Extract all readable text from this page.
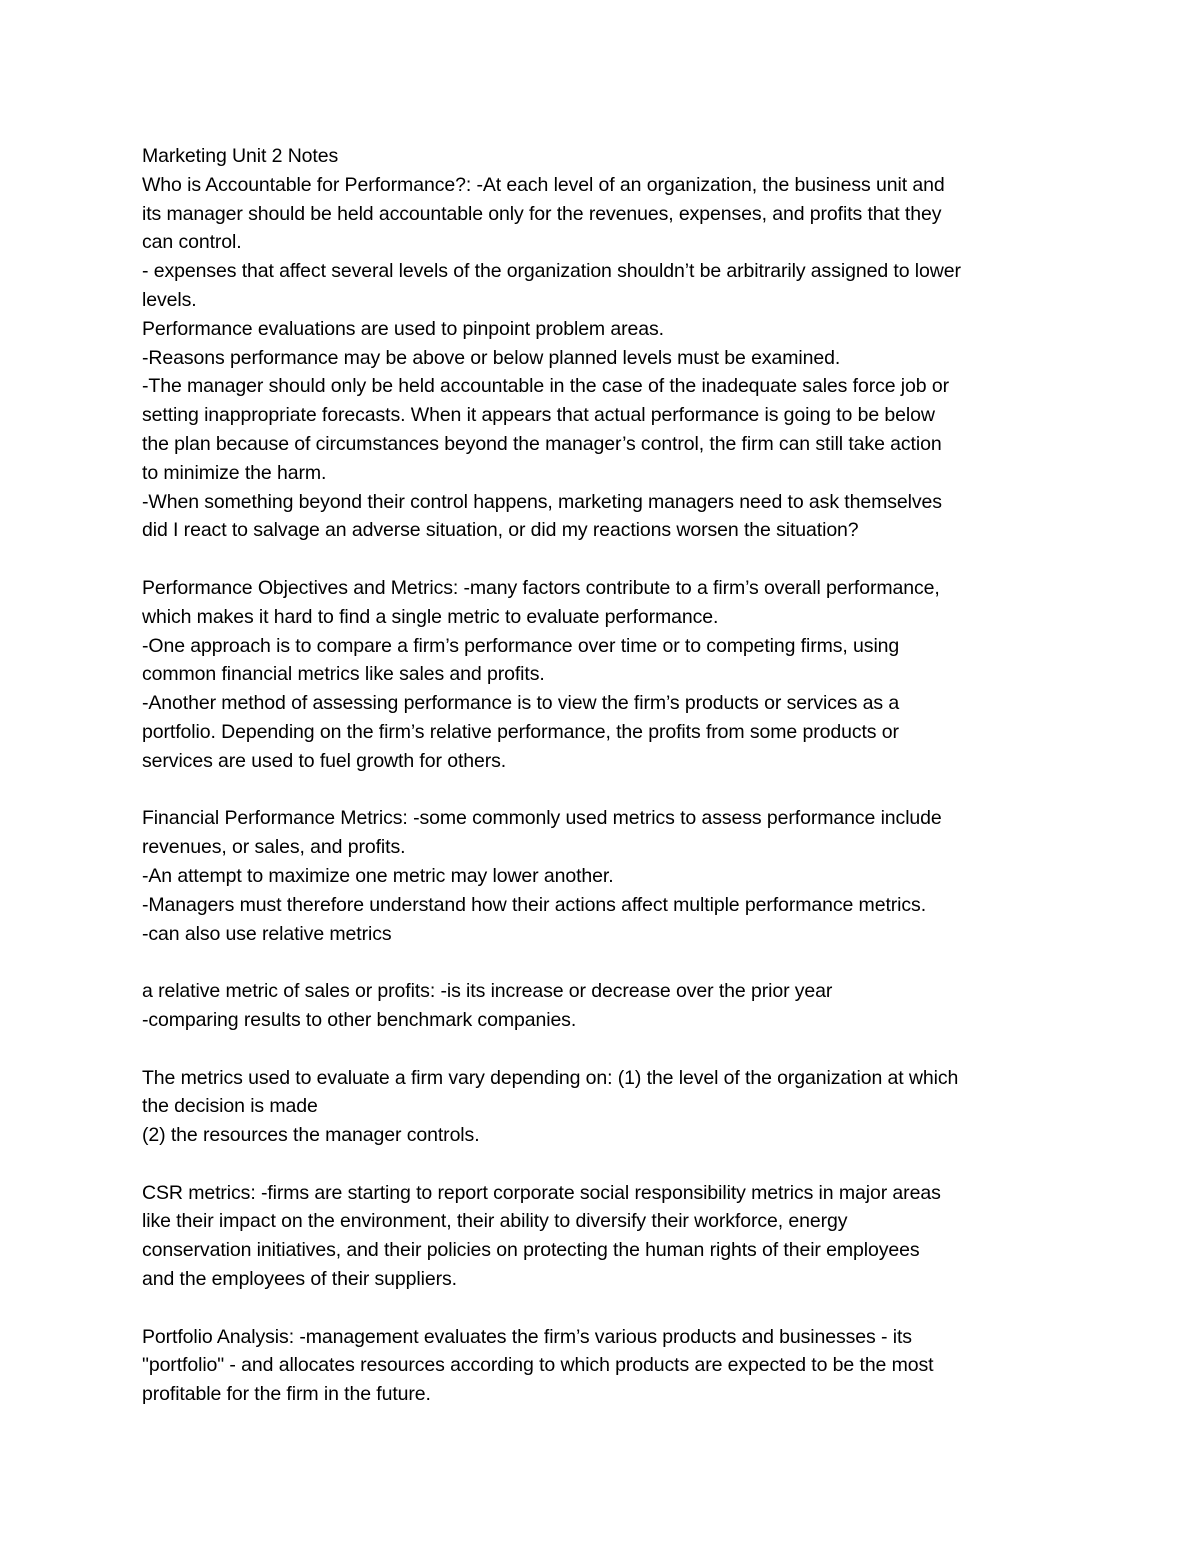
Marketing Unit 2 Notes
Who is Accountable for Performance?: -At each level of an organization, the business unit and
its manager should be held accountable only for the revenues, expenses, and profits that they
can control.
- expenses that affect several levels of the organization shouldn’t be arbitrarily assigned to lower
levels.
Performance evaluations are used to pinpoint problem areas.
-Reasons performance may be above or below planned levels must be examined.
-The manager should only be held accountable in the case of the inadequate sales force job or
setting inappropriate forecasts. When it appears that actual performance is going to be below
the plan because of circumstances beyond the manager’s control, the firm can still take action
to minimize the harm.
-When something beyond their control happens, marketing managers need to ask themselves
did I react to salvage an adverse situation, or did my reactions worsen the situation?
Performance Objectives and Metrics: -many factors contribute to a firm’s overall performance,
which makes it hard to find a single metric to evaluate performance.
-One approach is to compare a firm’s performance over time or to competing firms, using
common financial metrics like sales and profits.
-Another method of assessing performance is to view the firm’s products or services as a
portfolio. Depending on the firm’s relative performance, the profits from some products or
services are used to fuel growth for others.
Financial Performance Metrics: -some commonly used metrics to assess performance include
revenues, or sales, and profits.
-An attempt to maximize one metric may lower another.
-Managers must therefore understand how their actions affect multiple performance metrics.
-can also use relative metrics
a relative metric of sales or profits: -is its increase or decrease over the prior year
-comparing results to other benchmark companies.
The metrics used to evaluate a firm vary depending on: (1) the level of the organization at which
the decision is made
(2) the resources the manager controls.
CSR metrics: -firms are starting to report corporate social responsibility metrics in major areas
like their impact on the environment, their ability to diversify their workforce, energy
conservation initiatives, and their policies on protecting the human rights of their employees
and the employees of their suppliers.
Portfolio Analysis: -management evaluates the firm’s various products and businesses - its
"portfolio" - and allocates resources according to which products are expected to be the most
profitable for the firm in the future.
